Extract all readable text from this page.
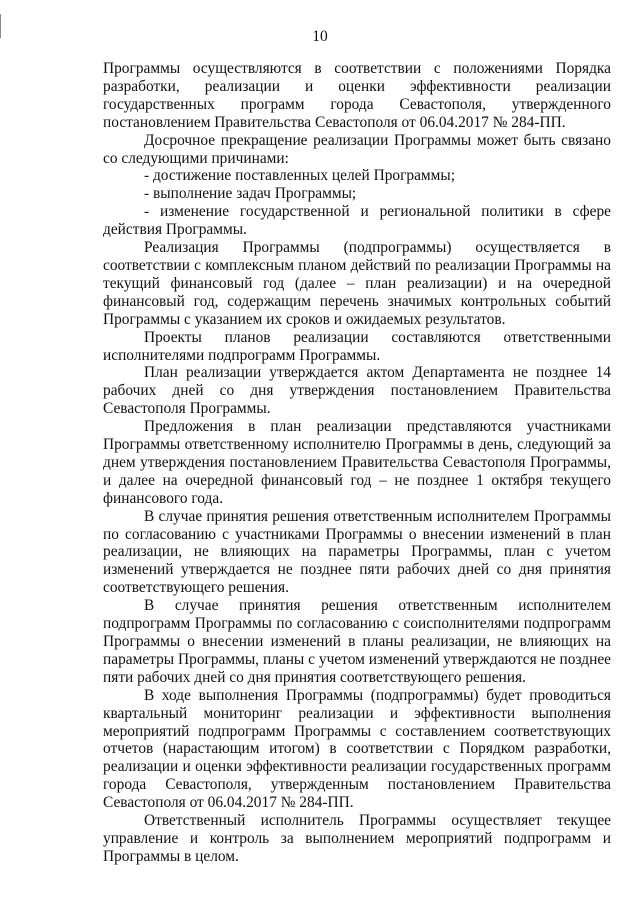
10

Программы осуществляются в соответствии с положениями Порядка разработки, реализации и оценки эффективности реализации государственных программ города Севастополя, утвержденного постановлением Правительства Севастополя от 06.04.2017 № 284-ПП.

Досрочное прекращение реализации Программы может быть связано со следующими причинами:

- достижение поставленных целей Программы;

- выполнение задач Программы;

- изменение государственной и региональной политики в сфере действия Программы.

Реализация Программы (подпрограммы) осуществляется в соответствии с комплексным планом действий по реализации Программы на текущий финансовый год (далее – план реализации) и на очередной финансовый год, содержащим перечень значимых контрольных событий Программы с указанием их сроков и ожидаемых результатов.

Проекты планов реализации составляются ответственными исполнителями подпрограмм Программы.

План реализации утверждается актом Департамента не позднее 14 рабочих дней со дня утверждения постановлением Правительства Севастополя Программы.

Предложения в план реализации представляются участниками Программы ответственному исполнителю Программы в день, следующий за днем утверждения постановлением Правительства Севастополя Программы, и далее на очередной финансовый год – не позднее 1 октября текущего финансового года.

В случае принятия решения ответственным исполнителем Программы по согласованию с участниками Программы о внесении изменений в план реализации, не влияющих на параметры Программы, план с учетом изменений утверждается не позднее пяти рабочих дней со дня принятия соответствующего решения.

В случае принятия решения ответственным исполнителем подпрограмм Программы по согласованию с соисполнителями подпрограмм Программы о внесении изменений в планы реализации, не влияющих на параметры Программы, планы с учетом изменений утверждаются не позднее пяти рабочих дней со дня принятия соответствующего решения.

В ходе выполнения Программы (подпрограммы) будет проводиться квартальный мониторинг реализации и эффективности выполнения мероприятий подпрограмм Программы с составлением соответствующих отчетов (нарастающим итогом) в соответствии с Порядком разработки, реализации и оценки эффективности реализации государственных программ города Севастополя, утвержденным постановлением Правительства Севастополя от 06.04.2017 № 284-ПП.

Ответственный исполнитель Программы осуществляет текущее управление и контроль за выполнением мероприятий подпрограмм и Программы в целом.
